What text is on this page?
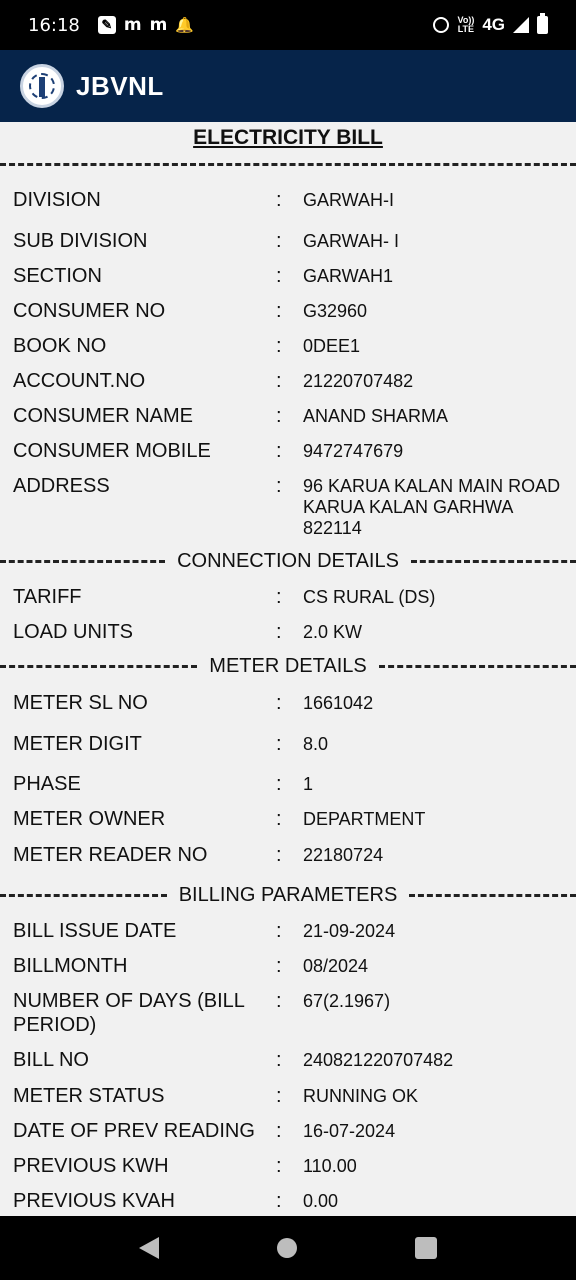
16:18 ✎ m m 🔔	Vo))
LTE 4G
JBVNL
ELECTRICITY BILL
DIVISION	: GARWAH-I
SUB DIVISION	: GARWAH- I
SECTION	: GARWAH1
CONSUMER NO	: G32960
BOOK NO	: 0DEE1
ACCOUNT.NO	: 21220707482
CONSUMER NAME	: ANAND SHARMA
CONSUMER MOBILE	: 9472747679
ADDRESS	: 96 KARUA KALAN MAIN ROAD KARUA KALAN GARHWA 822114
CONNECTION DETAILS
TARIFF	: CS RURAL (DS)
LOAD UNITS	: 2.0 KW
METER DETAILS
METER SL NO	: 1661042
METER DIGIT	: 8.0
PHASE	: 1
METER OWNER	: DEPARTMENT
METER READER NO	: 22180724
BILLING PARAMETERS
BILL ISSUE DATE	: 21-09-2024
BILLMONTH	: 08/2024
NUMBER OF DAYS (BILL PERIOD)
: 67(2.1967)
BILL NO	: 240821220707482
METER STATUS	: RUNNING OK
DATE OF PREV READING	: 16-07-2024
PREVIOUS KWH	: 110.00
PREVIOUS KVAH	: 0.00
